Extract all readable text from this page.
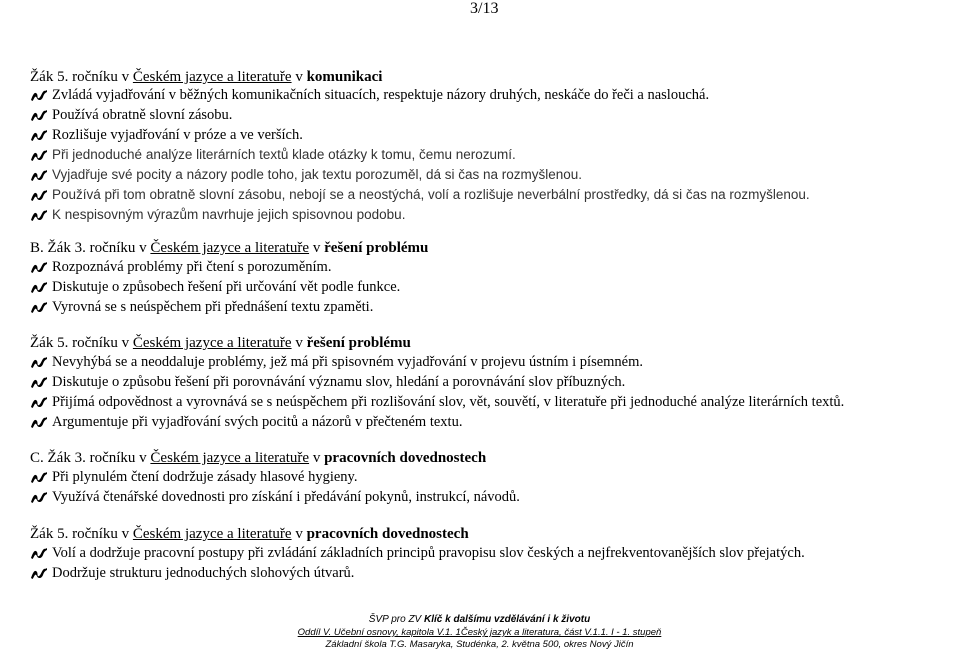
3/13
Žák 5. ročníku v Českém jazyce a literatuře v komunikaci
B. Žák 3. ročníku v Českém jazyce a literatuře v řešení problému
Žák 5. ročníku v Českém jazyce a literatuře v řešení problému
C. Žák 3. ročníku v Českém jazyce a literatuře v pracovních dovednostech
Žák 5. ročníku v Českém jazyce a literatuře v pracovních dovednostech
ŠVP pro ZV Klíč k dalšímu vzdělávání i k životu
Oddíl V. Učební osnovy, kapitola V.1. 1Český jazyk a literatura, část V.1.1. I - 1. stupeň
Základní škola T.G. Masaryka, Studénka, 2. května 500, okres Nový Jičín
Zvládá vyjadřování v běžných komunikačních situacích, respektuje názory druhých, neskáče do řeči a naslouchá.
Používá obratně slovní zásobu.
Rozlišuje vyjadřování v próze a ve verších.
Při jednoduché analýze literárních textů klade otázky k tomu, čemu nerozumí.
Vyjadřuje své pocity a názory podle toho, jak textu porozuměl, dá si čas na rozmyšlenou.
Používá při tom obratně slovní zásobu, nebojí se a neostýchá, volí a rozlišuje neverbální prostředky, dá si čas na rozmyšlenou.
K nespisovným výrazům navrhuje jejich spisovnou podobu.
Rozpoznává problémy při čtení s porozuměním.
Diskutuje o způsobech řešení při určování vět podle funkce.
Vyrovná se s neúspěchem při přednášení textu zpaměti.
Nevyhýbá se a neoddaluje problémy, jež má při spisovném vyjadřování v projevu ústním i písemném.
Diskutuje o způsobu řešení při porovnávání významu slov, hledání a porovnávání slov příbuzných.
Přijímá odpovědnost a vyrovnává se s neúspěchem při rozlišování slov, vět, souvětí, v literatuře při jednoduché analýze literárních textů.
Argumentuje při vyjadřování svých pocitů a názorů v přečteném textu.
Při plynulém čtení dodržuje zásady hlasové hygieny.
Využívá čtenářské dovednosti pro získání i předávání pokynů, instrukcí, návodů.
Volí a dodržuje pracovní postupy při zvládání základních principů pravopisu slov českých a nejfrekventovanějších slov přejatých.
Dodržuje strukturu jednoduchých slohových útvarů.
